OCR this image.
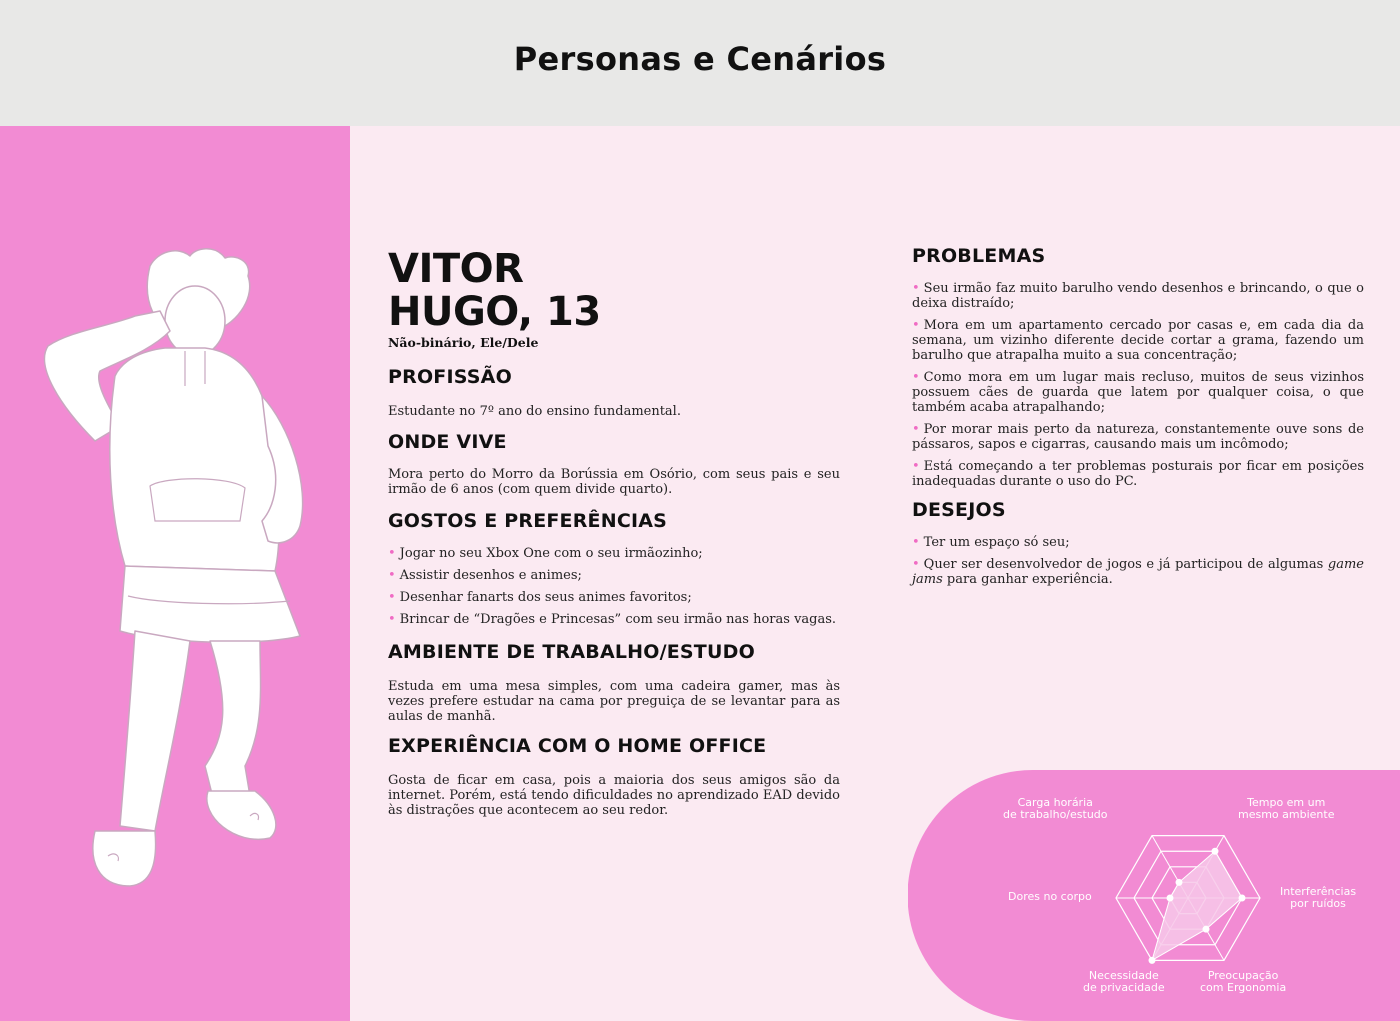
Personas e Cenários
VITOR
HUGO, 13
Não-binário, Ele/Dele
PROFISSÃO

Estudante no 7º ano do ensino fundamental.

ONDE VIVE

Mora perto do Morro da Borússia em Osório, com seus pais e seu irmão de 6 anos (com quem divide quarto).

GOSTOS E PREFERÊNCIAS
• Jogar no seu Xbox One com o seu irmãozinho;
• Assistir desenhos e animes;
• Desenhar fanarts dos seus animes favoritos;
• Brincar de “Dragões e Princesas” com seu irmão nas horas vagas.
AMBIENTE DE TRABALHO/ESTUDO

Estuda em uma mesa simples, com uma cadeira gamer, mas às vezes prefere estudar na cama por preguiça de se levantar para as aulas de manhã.

EXPERIÊNCIA COM O HOME OFFICE

Gosta de ficar em casa, pois a maioria dos seus amigos são da internet. Porém, está tendo dificuldades no aprendizado EAD devido às distrações que acontecem ao seu redor.

PROBLEMAS
• Seu irmão faz muito barulho vendo desenhos e brincando, o que o deixa distraído;
• Mora em um apartamento cercado por casas e, em cada dia da semana, um vizinho diferente decide cortar a grama, fazendo um barulho que atrapalha muito a sua concentração;
• Como mora em um lugar mais recluso, muitos de seus vizinhos possuem cães de guarda que latem por qualquer coisa, o que também acaba atrapalhando;
• Por morar mais perto da natureza, constantemente ouve sons de pássaros, sapos e cigarras, causando mais um incômodo;
• Está começando a ter problemas posturais por ficar em posições inadequadas durante o uso do PC.
DESEJOS
• Ter um espaço só seu;
• Quer ser desenvolvedor de jogos e já participou de algumas game jams para ganhar experiência.
Carga horária
de trabalho/estudo
Tempo em um
mesmo ambiente
Interferências
por ruídos
Preocupação
com Ergonomia
Necessidade
de privacidade
Dores no corpo
